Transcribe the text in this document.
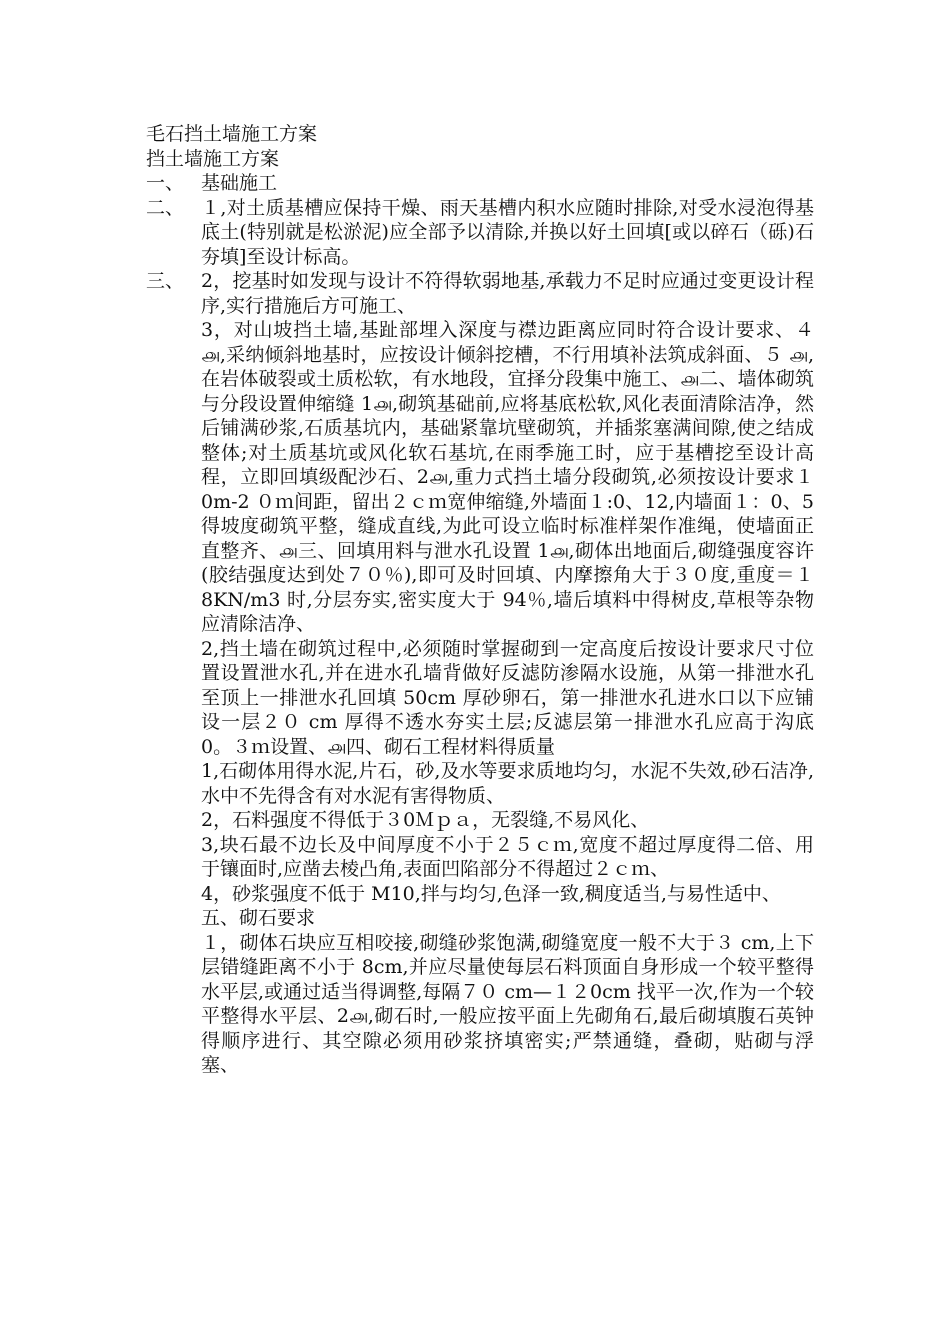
毛石挡土墙施工方案
挡土墙施工方案
一、 基础施工
二、 １,对土质基槽应保持干燥、雨天基槽内积水应随时排除,对受水浸泡得基底土(特别就是松淤泥)应全部予以清除,并换以好土回填[或以碎石（砾)石夯填]至设计标高。
三、 2，挖基时如发现与设计不符得软弱地基,承载力不足时应通过变更设计程序,实行措施后方可施工、

3，对山坡挡土墙,基趾部埋入深度与襟边距离应同时符合设计要求、４ ௮,采纳倾斜地基时，应按设计倾斜挖槽，不行用填补法筑成斜面、５ ௮,在岩体破裂或土质松软，有水地段，宜择分段集中施工、௮二、墙体砌筑与分段设置伸缩缝 1௮,砌筑基础前,应将基底松软,风化表面清除洁净，然后铺满砂浆,石质基坑内，基础紧靠坑壁砌筑，并插浆塞满间隙,使之结成整体;对土质基坑或风化软石基坑,在雨季施工时，应于基槽挖至设计高程，立即回填级配沙石、2௮,重力式挡土墙分段砌筑,必须按设计要求１ 0m-2 ０ｍ间距，留出２ｃｍ宽伸缩缝,外墙面１:0、12,内墙面１：0、5 得坡度砌筑平整，缝成直线,为此可设立临时标准样架作准绳，使墙面正直整齐、௮三、回填用料与泄水孔设置 1௮,砌体出地面后,砌缝强度容许(胶结强度达到处７０％),即可及时回填、内摩擦角大于３０度,重度＝１ 8KN/m3 时,分层夯实,密实度大于 94％,墙后填料中得树皮,草根等杂物应清除洁净、

2,挡土墙在砌筑过程中,必须随时掌握砌到一定高度后按设计要求尺寸位置设置泄水孔,并在进水孔墙背做好反滤防渗隔水设施，从第一排泄水孔至顶上一排泄水孔回填 50cm 厚砂卵石，第一排泄水孔进水口以下应铺设一层２０ cm 厚得不透水夯实土层;反滤层第一排泄水孔应高于沟底 0。３ｍ设置、௮四、砌石工程材料得质量

1,石砌体用得水泥,片石，砂,及水等要求质地均匀，水泥不失效,砂石洁净,水中不先得含有对水泥有害得物质、

2，石料强度不得低于３0Ｍｐａ，无裂缝,不易风化、

3,块石最不边长及中间厚度不小于２５ｃｍ,宽度不超过厚度得二倍、用于镶面时,应凿去棱凸角,表面凹陷部分不得超过２ｃｍ、

4，砂浆强度不低于 M10,拌与均匀,色泽一致,稠度适当,与易性适中、

五、砌石要求

１，砌体石块应互相咬接,砌缝砂浆饱满,砌缝宽度一般不大于３ cm,上下层错缝距离不小于 8cm,并应尽量使每层石料顶面自身形成一个较平整得水平层,或通过适当得调整,每隔７０ cm—１２0cm 找平一次,作为一个较平整得水平层、2௮,砌石时,一般应按平面上先砌角石,最后砌填腹石英钟得顺序进行、其空隙必须用砂浆挤填密实;严禁通缝，叠砌，贴砌与浮塞、
